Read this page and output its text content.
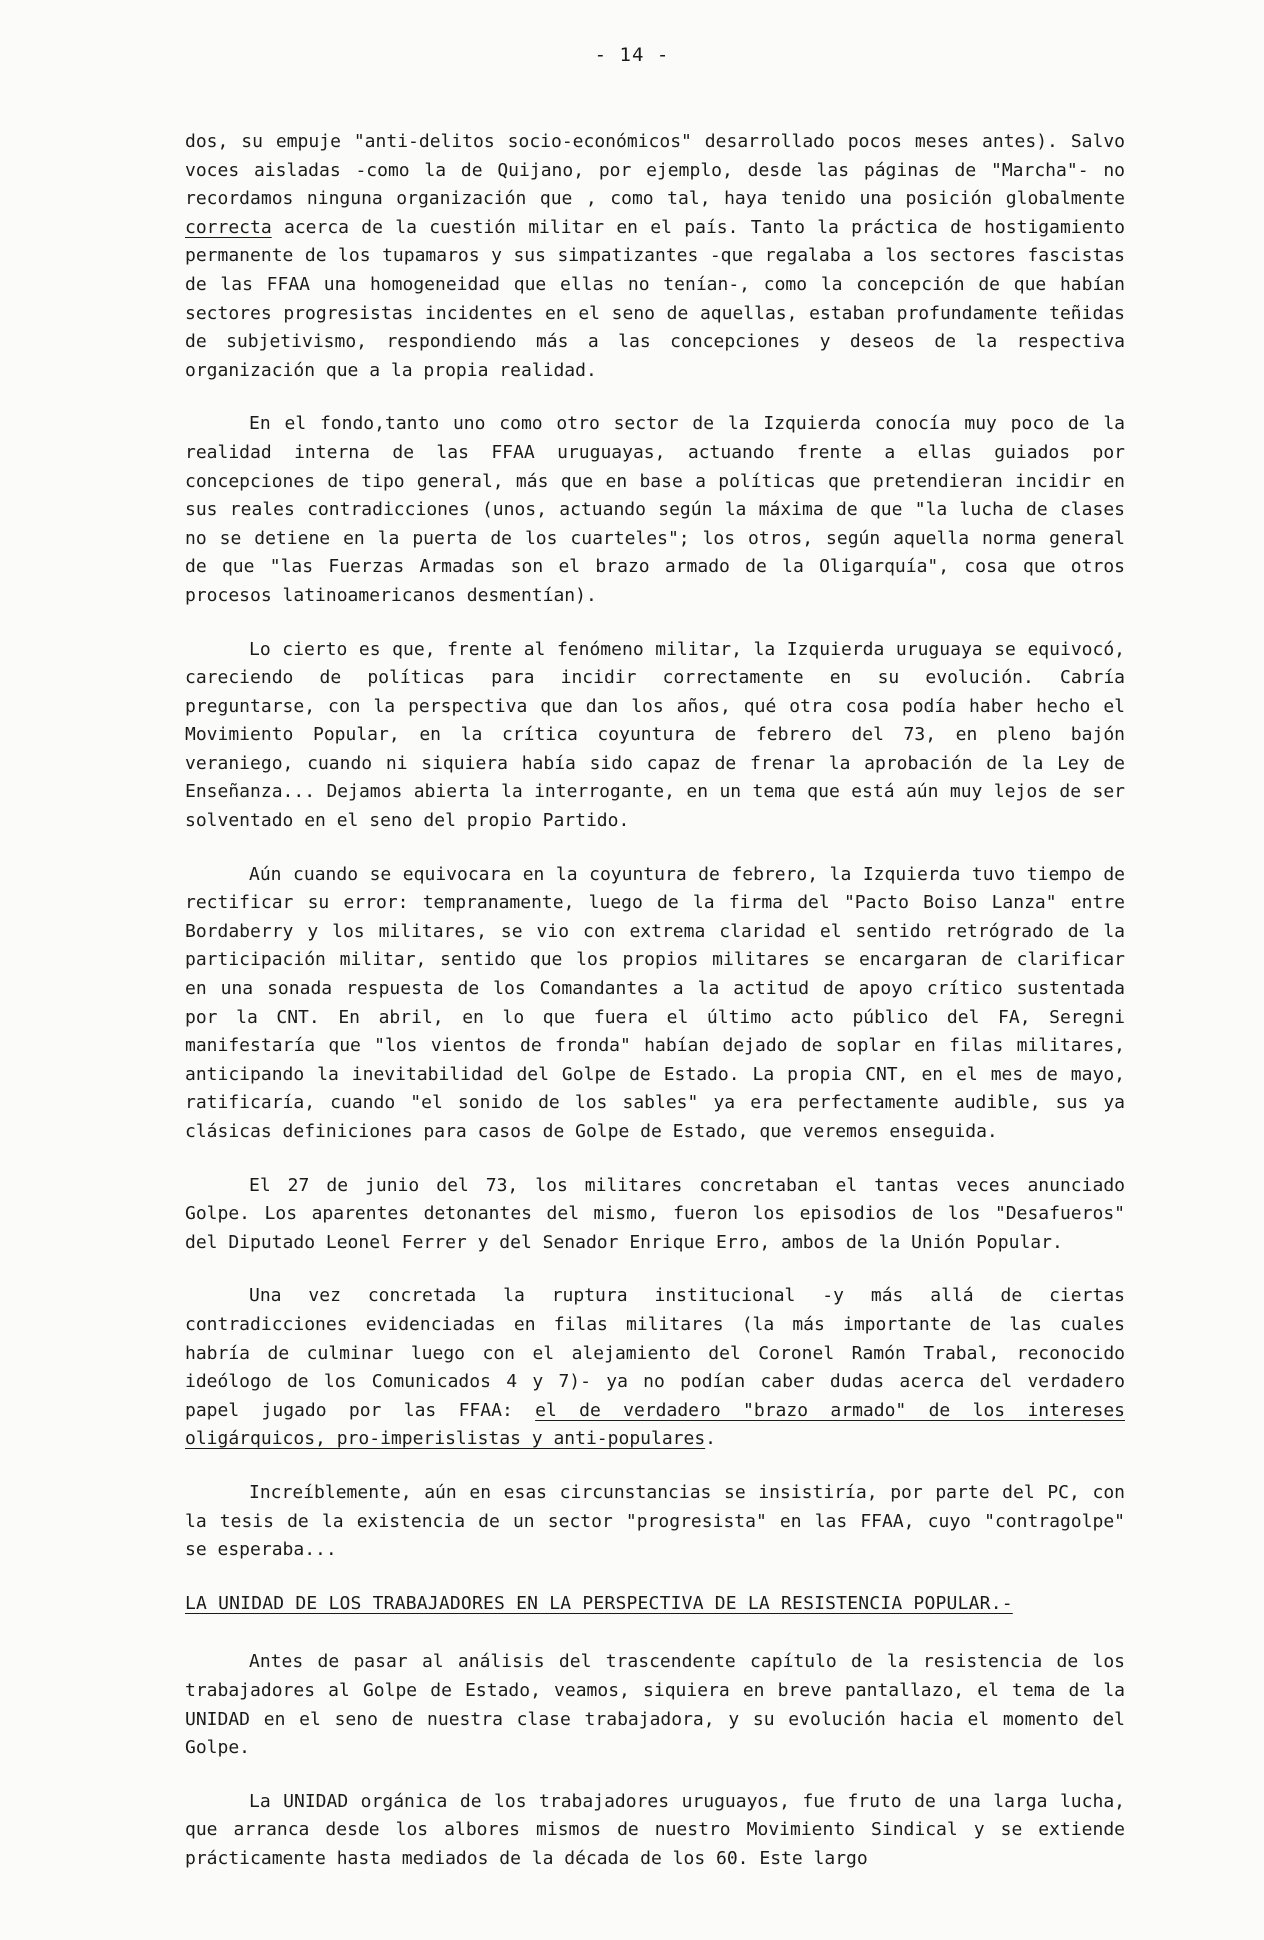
- 14 -

dos, su empuje "anti-delitos socio-económicos" desarrollado pocos meses antes). Salvo voces aisladas -como la de Quijano, por ejemplo, desde las páginas de "Marcha"- no recordamos ninguna organización que , como tal, haya tenido una posición globalmente correcta acerca de la cuestión militar en el país. Tanto la práctica de hostigamiento permanente de los tupamaros y sus simpatizantes -que regalaba a los sectores fascistas de las FFAA una homogeneidad que ellas no tenían-, como la concepción de que habían sectores progresistas incidentes en el seno de aquellas, estaban profundamente teñidas de subjetivismo, respondiendo más a las concepciones y deseos de la respectiva organización que a la propia realidad.

En el fondo,tanto uno como otro sector de la Izquierda conocía muy poco de la realidad interna de las FFAA uruguayas, actuando frente a ellas guiados por concepciones de tipo general, más que en base a políticas que pretendieran incidir en sus reales contradicciones (unos, actuando según la máxima de que "la lucha de clases no se detiene en la puerta de los cuarteles"; los otros, según aquella norma general de que "las Fuerzas Armadas son el brazo armado de la Oligarquía", cosa que otros procesos latinoamericanos desmentían).

Lo cierto es que, frente al fenómeno militar, la Izquierda uruguaya se equivocó, careciendo de políticas para incidir correctamente en su evolución. Cabría preguntarse, con la perspectiva que dan los años, qué otra cosa podía haber hecho el Movimiento Popular, en la crítica coyuntura de febrero del 73, en pleno bajón veraniego, cuando ni siquiera había sido capaz de frenar la aprobación de la Ley de Enseñanza... Dejamos abierta la interrogante, en un tema que está aún muy lejos de ser solventado en el seno del propio Partido.

Aún cuando se equivocara en la coyuntura de febrero, la Izquierda tuvo tiempo de rectificar su error: tempranamente, luego de la firma del "Pacto Boiso Lanza" entre Bordaberry y los militares, se vio con extrema claridad el sentido retrógrado de la participación militar, sentido que los propios militares se encargaran de clarificar en una sonada respuesta de los Comandantes a la actitud de apoyo crítico sustentada por la CNT. En abril, en lo que fuera el último acto público del FA, Seregni manifestaría que "los vientos de fronda" habían dejado de soplar en filas militares, anticipando la inevitabilidad del Golpe de Estado. La propia CNT, en el mes de mayo, ratificaría, cuando "el sonido de los sables" ya era perfectamente audible, sus ya clásicas definiciones para casos de Golpe de Estado, que veremos enseguida.

El 27 de junio del 73, los militares concretaban el tantas veces anunciado Golpe. Los aparentes detonantes del mismo, fueron los episodios de los "Desafueros" del Diputado Leonel Ferrer y del Senador Enrique Erro, ambos de la Unión Popular.

Una vez concretada la ruptura institucional -y más allá de ciertas contradicciones evidenciadas en filas militares (la más importante de las cuales habría de culminar luego con el alejamiento del Coronel Ramón Trabal, reconocido ideólogo de los Comunicados 4 y 7)- ya no podían caber dudas acerca del verdadero papel jugado por las FFAA: el de verdadero "brazo armado" de los intereses oligárquicos, pro-imperislistas y anti-populares.

Increíblemente, aún en esas circunstancias se insistiría, por parte del PC, con la tesis de la existencia de un sector "progresista" en las FFAA, cuyo "contragolpe" se esperaba...

LA UNIDAD DE LOS TRABAJADORES EN LA PERSPECTIVA DE LA RESISTENCIA POPULAR.-

Antes de pasar al análisis del trascendente capítulo de la resistencia de los trabajadores al Golpe de Estado, veamos, siquiera en breve pantallazo, el tema de la UNIDAD en el seno de nuestra clase trabajadora, y su evolución hacia el momento del Golpe.

La UNIDAD orgánica de los trabajadores uruguayos, fue fruto de una larga lucha, que arranca desde los albores mismos de nuestro Movimiento Sindical y se extiende prácticamente hasta mediados de la década de los 60. Este largo
